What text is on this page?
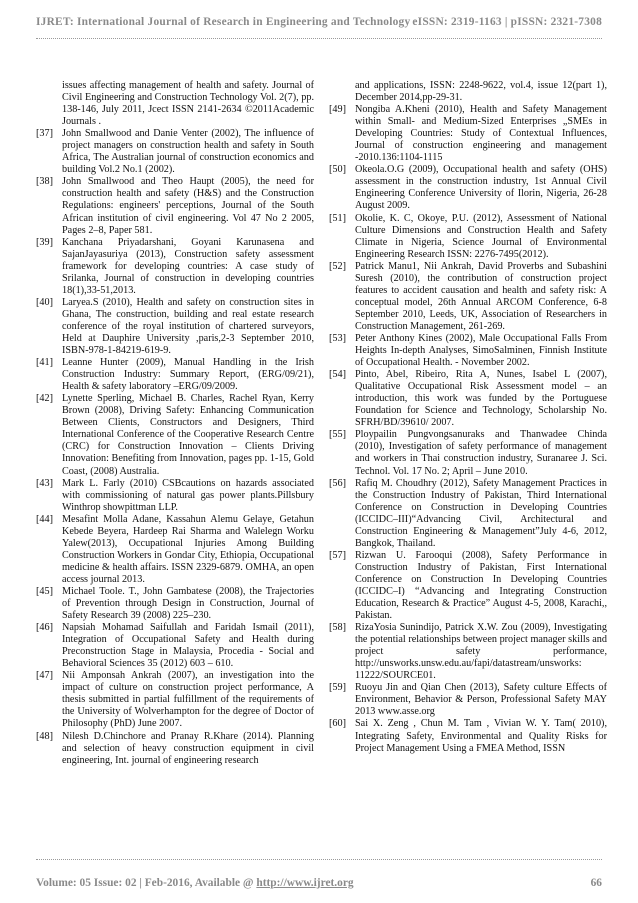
IJRET: International Journal of Research in Engineering and Technology eISSN: 2319-1163 | pISSN: 2321-7308
issues affecting management of health and safety. Journal of Civil Engineering and Construction Technology Vol. 2(7), pp. 138-146, July 2011, Jcect ISSN 2141-2634 ©2011Academic Journals .
[37] John Smallwood and Danie Venter (2002), The influence of project managers on construction health and safety in South Africa, The Australian journal of construction economics and building Vol.2 No.1 (2002).
[38] John Smallwood and Theo Haupt (2005), the need for construction health and safety (H&S) and the Construction Regulations: engineers' perceptions, Journal of the South African institution of civil engineering. Vol 47 No 2 2005, Pages 2–8, Paper 581.
[39] Kanchana Priyadarshani, Goyani Karunasena and SajanJayasuriya (2013), Construction safety assessment framework for developing countries: A case study of Srilanka, Journal of construction in developing countries 18(1),33-51,2013.
[40] Laryea.S (2010), Health and safety on construction sites in Ghana, The construction, building and real estate research conference of the royal institution of chartered surveyors, Held at Dauphire University ,paris,2-3 September 2010, ISBN-978-1-84219-619-9.
[41] Leanne Hunter (2009), Manual Handling in the Irish Construction Industry: Summary Report, (ERG/09/21), Health & safety laboratory –ERG/09/2009.
[42] Lynette Sperling, Michael B. Charles, Rachel Ryan, Kerry Brown (2008), Driving Safety: Enhancing Communication Between Clients, Constructors and Designers, Third International Conference of the Cooperative Research Centre (CRC) for Construction Innovation – Clients Driving Innovation: Benefiting from Innovation, pages pp. 1-15, Gold Coast, (2008) Australia.
[43] Mark L. Farly (2010) CSBcautions on hazards associated with commissioning of natural gas power plants.Pillsbury Winthrop showpittman LLP.
[44] Mesafint Molla Adane, Kassahun Alemu Gelaye, Getahun Kebede Beyera, Hardeep Rai Sharma and Walelegn Worku Yalew(2013), Occupational Injuries Among Building Construction Workers in Gondar City, Ethiopia, Occupational medicine & health affairs. ISSN 2329-6879. OMHA, an open access journal 2013.
[45] Michael Toole. T., John Gambatese (2008), the Trajectories of Prevention through Design in Construction, Journal of Safety Research 39 (2008) 225–230.
[46] Napsiah Mohamad Saifullah and Faridah Ismail (2011), Integration of Occupational Safety and Health during Preconstruction Stage in Malaysia, Procedia - Social and Behavioral Sciences 35 (2012) 603 – 610.
[47] Nii Amponsah Ankrah (2007), an investigation into the impact of culture on construction project performance, A thesis submitted in partial fulfillment of the requirements of the University of Wolverhampton for the degree of Doctor of Philosophy (PhD) June 2007.
[48] Nilesh D.Chinchore and Pranay R.Khare (2014). Planning and selection of heavy construction equipment in civil engineering, Int. journal of engineering research
and applications, ISSN: 2248-9622, vol.4, issue 12(part 1), December 2014,pp-29-31.
[49] Nongiba A.Kheni (2010), Health and Safety Management within Small- and Medium-Sized Enterprises „SMEs in Developing Countries: Study of Contextual Influences, Journal of construction engineering and management -2010.136:1104-1115
[50] Okeola.O.G (2009), Occupational health and safety (OHS) assessment in the construction industry, 1st Annual Civil Engineering Conference University of Ilorin, Nigeria, 26-28 August 2009.
[51] Okolie, K. C, Okoye, P.U. (2012), Assessment of National Culture Dimensions and Construction Health and Safety Climate in Nigeria, Science Journal of Environmental Engineering Research ISSN: 2276-7495(2012).
[52] Patrick Manu1, Nii Ankrah, David Proverbs and Subashini Suresh (2010), the contribution of construction project features to accident causation and health and safety risk: A conceptual model, 26th Annual ARCOM Conference, 6-8 September 2010, Leeds, UK, Association of Researchers in Construction Management, 261-269.
[53] Peter Anthony Kines (2002), Male Occupational Falls From Heights In-depth Analyses, SimoSalminen, Finnish Institute of Occupational Health. - November 2002.
[54] Pinto, Abel, Ribeiro, Rita A, Nunes, Isabel L (2007), Qualitative Occupational Risk Assessment model – an introduction, this work was funded by the Portuguese Foundation for Science and Technology, Scholarship No. SFRH/BD/39610/ 2007.
[55] Ploypailin Pungvongsanuraks and Thanwadee Chinda (2010), Investigation of safety performance of management and workers in Thai construction industry, Suranaree J. Sci. Technol. Vol. 17 No. 2; April – June 2010.
[56] Rafiq M. Choudhry (2012), Safety Management Practices in the Construction Industry of Pakistan, Third International Conference on Construction in Developing Countries (ICCIDC–III)“Advancing Civil, Architectural and Construction Engineering & Management”July 4-6, 2012, Bangkok, Thailand.
[57] Rizwan U. Farooqui (2008), Safety Performance in Construction Industry of Pakistan, First International Conference on Construction In Developing Countries (ICCIDC–I) “Advancing and Integrating Construction Education, Research & Practice” August 4-5, 2008, Karachi,, Pakistan.
[58] RizaYosia Sunindijo, Patrick X.W. Zou (2009), Investigating the potential relationships between project manager skills and project safety performance, http://unsworks.unsw.edu.au/fapi/datastream/unsworks: 11222/SOURCE01.
[59] Ruoyu Jin and Qian Chen (2013), Safety culture Effects of Environment, Behavior & Person, Professional Safety MAY 2013 www.asse.org
[60] Sai X. Zeng , Chun M. Tam , Vivian W. Y. Tam( 2010), Integrating Safety, Environmental and Quality Risks for Project Management Using a FMEA Method, ISSN
Volume: 05 Issue: 02 | Feb-2016, Available @ http://www.ijret.org	66
